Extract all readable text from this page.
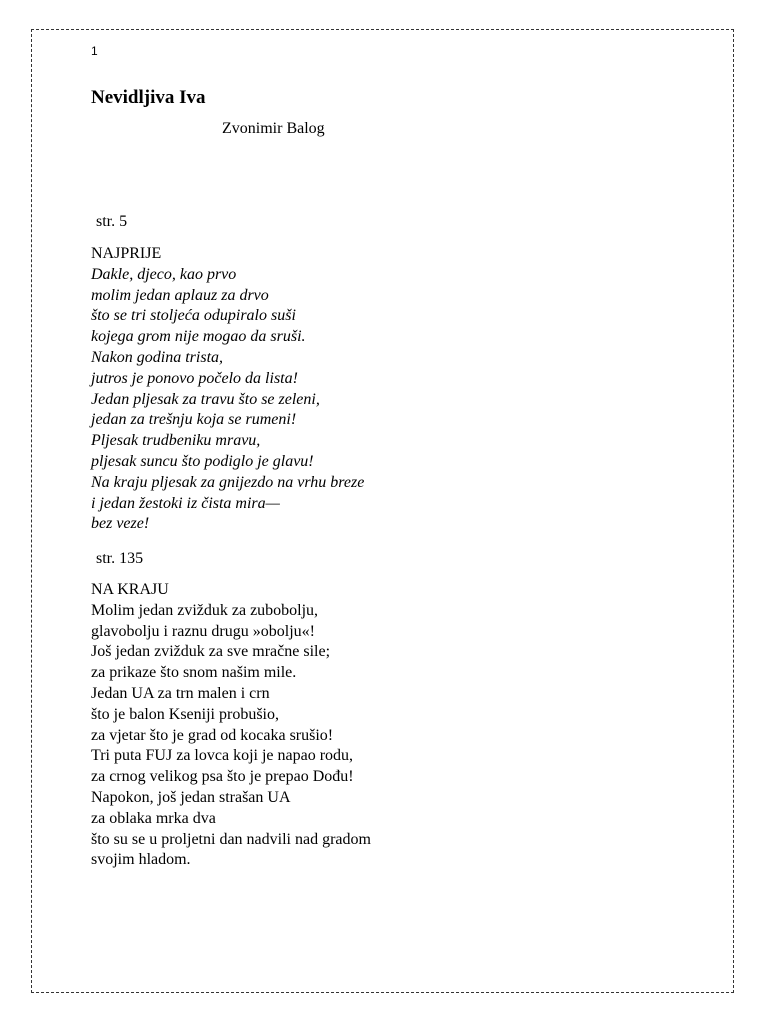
1
Nevidljiva Iva
Zvonimir Balog
str. 5
NAJPRIJE
Dakle, djeco, kao prvo
molim jedan aplauz za drvo
što se tri stoljeća odupiralo suši
kojega grom nije mogao da sruši.
Nakon godina trista,
jutros je ponovo počelo da lista!
Jedan pljesak za travu što se zeleni,
jedan za trešnju koja se rumeni!
Pljesak trudbeniku mravu,
pljesak suncu što podiglo je glavu!
Na kraju pljesak za gnijezdo na vrhu breze
i jedan žestoki iz čista mira—
bez veze!
str. 135
NA KRAJU
Molim jedan zvižduk za zubobolju,
glavobolju i raznu drugu »obolju«!
Još jedan zvižduk za sve mračne sile;
za prikaze što snom našim mile.
Jedan UA za trn malen i crn
što je balon Kseniji probušio,
za vjetar što je grad od kocaka srušio!
Tri puta FUJ za lovca koji je napao rodu,
za crnog velikog psa što je prepao Dođu!
Napokon, još jedan strašan UA
za oblaka mrka dva
što su se u proljetni dan nadvili nad gradom
svojim hladom.
